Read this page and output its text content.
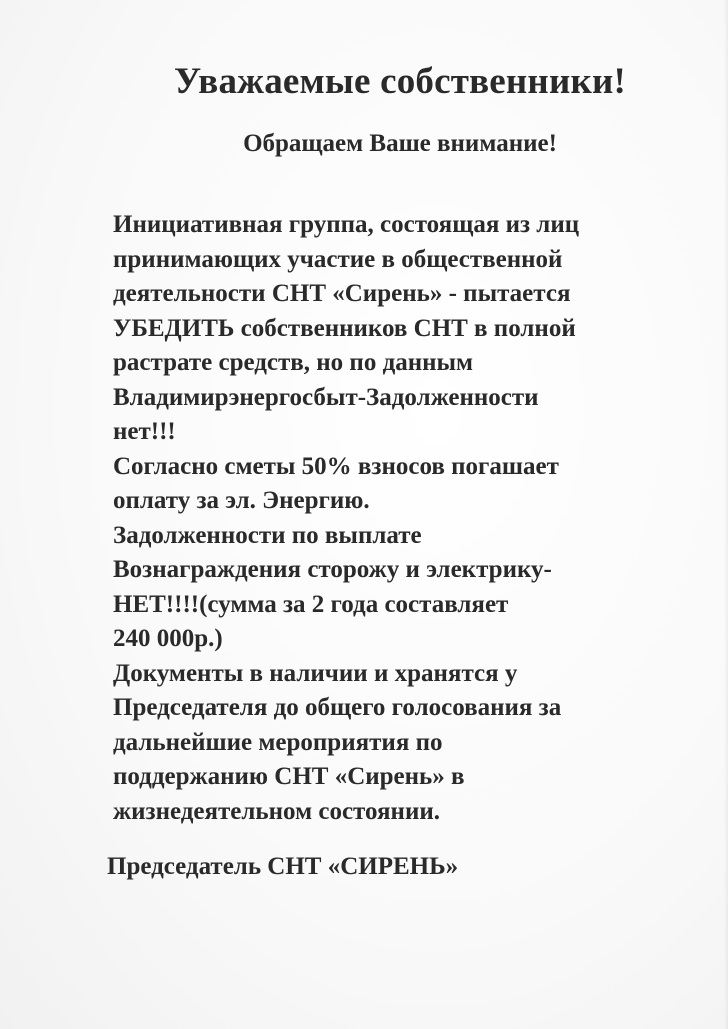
Уважаемые собственники!
Обращаем Ваше внимание!
Инициативная группа, состоящая из лиц
принимающих участие в общественной
деятельности СНТ «Сирень» - пытается
УБЕДИТЬ собственников СНТ в полной
растрате средств, но по данным
Владимирэнергосбыт-Задолженности
нет!!!
Согласно сметы 50% взносов погашает
оплату за эл. Энергию.
Задолженности по выплате
Вознаграждения сторожу и электрику-
НЕТ!!!!(сумма за 2 года составляет
240 000р.)
Документы в наличии и хранятся у
Председателя до общего голосования за
дальнейшие мероприятия по
поддержанию СНТ «Сирень» в
жизнедеятельном состоянии.
Председатель СНТ «СИРЕНЬ»
